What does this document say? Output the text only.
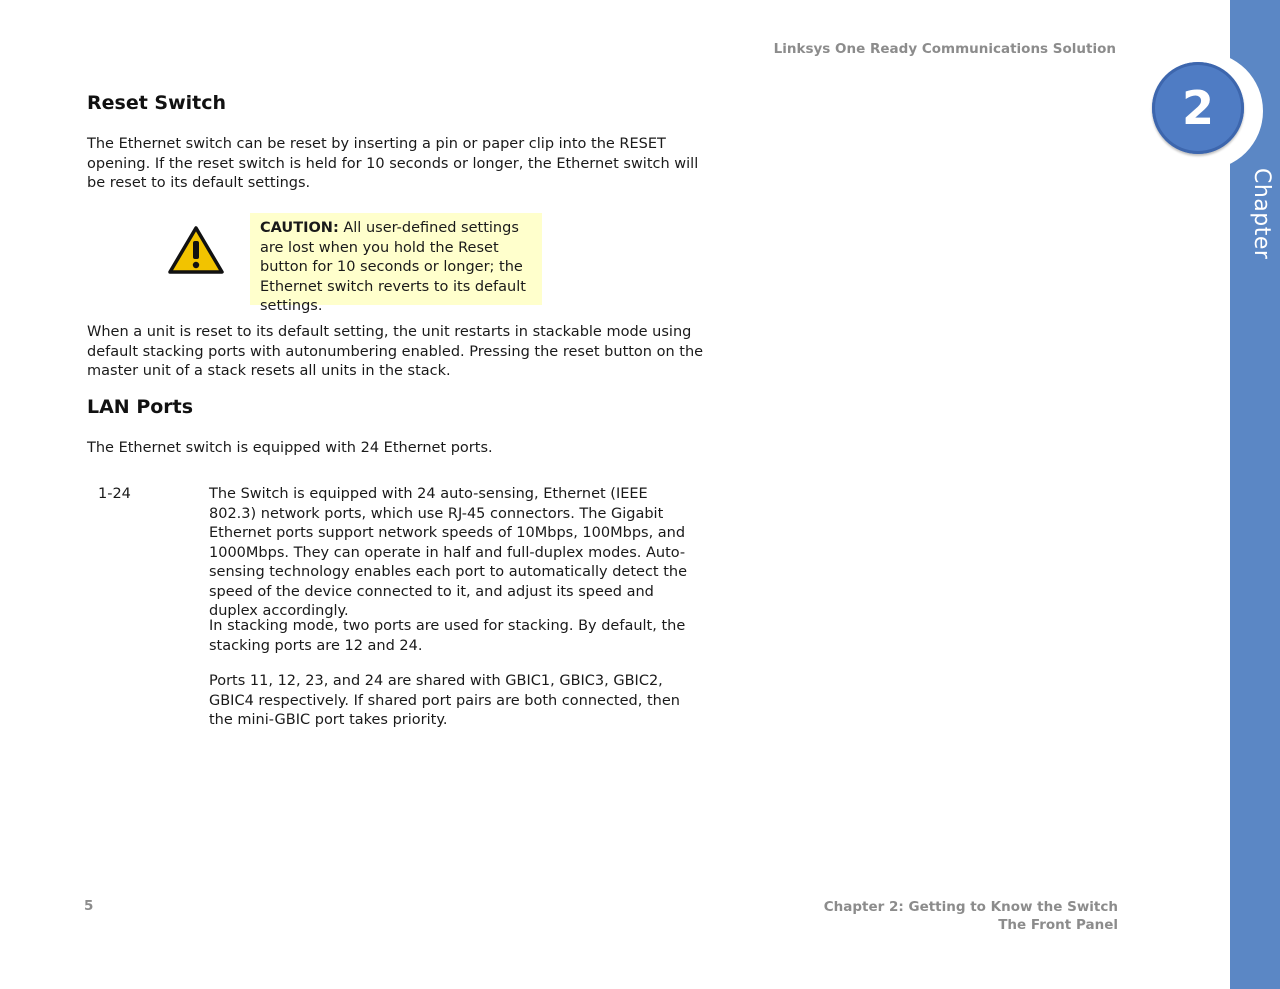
Linksys One Ready Communications Solution
2
Chapter
Reset Switch

The Ethernet switch can be reset by inserting a pin or paper clip into the RESET opening. If the reset switch is held for 10 seconds or longer, the Ethernet switch will be reset to its default settings.

CAUTION: All user-defined settings are lost when you hold the Reset button for 10 seconds or longer; the Ethernet switch reverts to its default settings.

When a unit is reset to its default setting, the unit restarts in stackable mode using default stacking ports with autonumbering enabled. Pressing the reset button on the master unit of a stack resets all units in the stack.

LAN Ports

The Ethernet switch is equipped with 24 Ethernet ports.

1-24	The Switch is equipped with 24 auto-sensing, Ethernet (IEEE 802.3) network ports, which use RJ-45 connectors. The Gigabit Ethernet ports support network speeds of 10Mbps, 100Mbps, and 1000Mbps. They can operate in half and full-duplex modes. Auto-sensing technology enables each port to automatically detect the speed of the device connected to it, and adjust its speed and duplex accordingly.

In stacking mode, two ports are used for stacking. By default, the stacking ports are 12 and 24.

Ports 11, 12, 23, and 24 are shared with GBIC1, GBIC3, GBIC2, GBIC4 respectively. If shared port pairs are both connected, then the mini-GBIC port takes priority.

5	Chapter 2: Getting to Know the Switch
The Front Panel
